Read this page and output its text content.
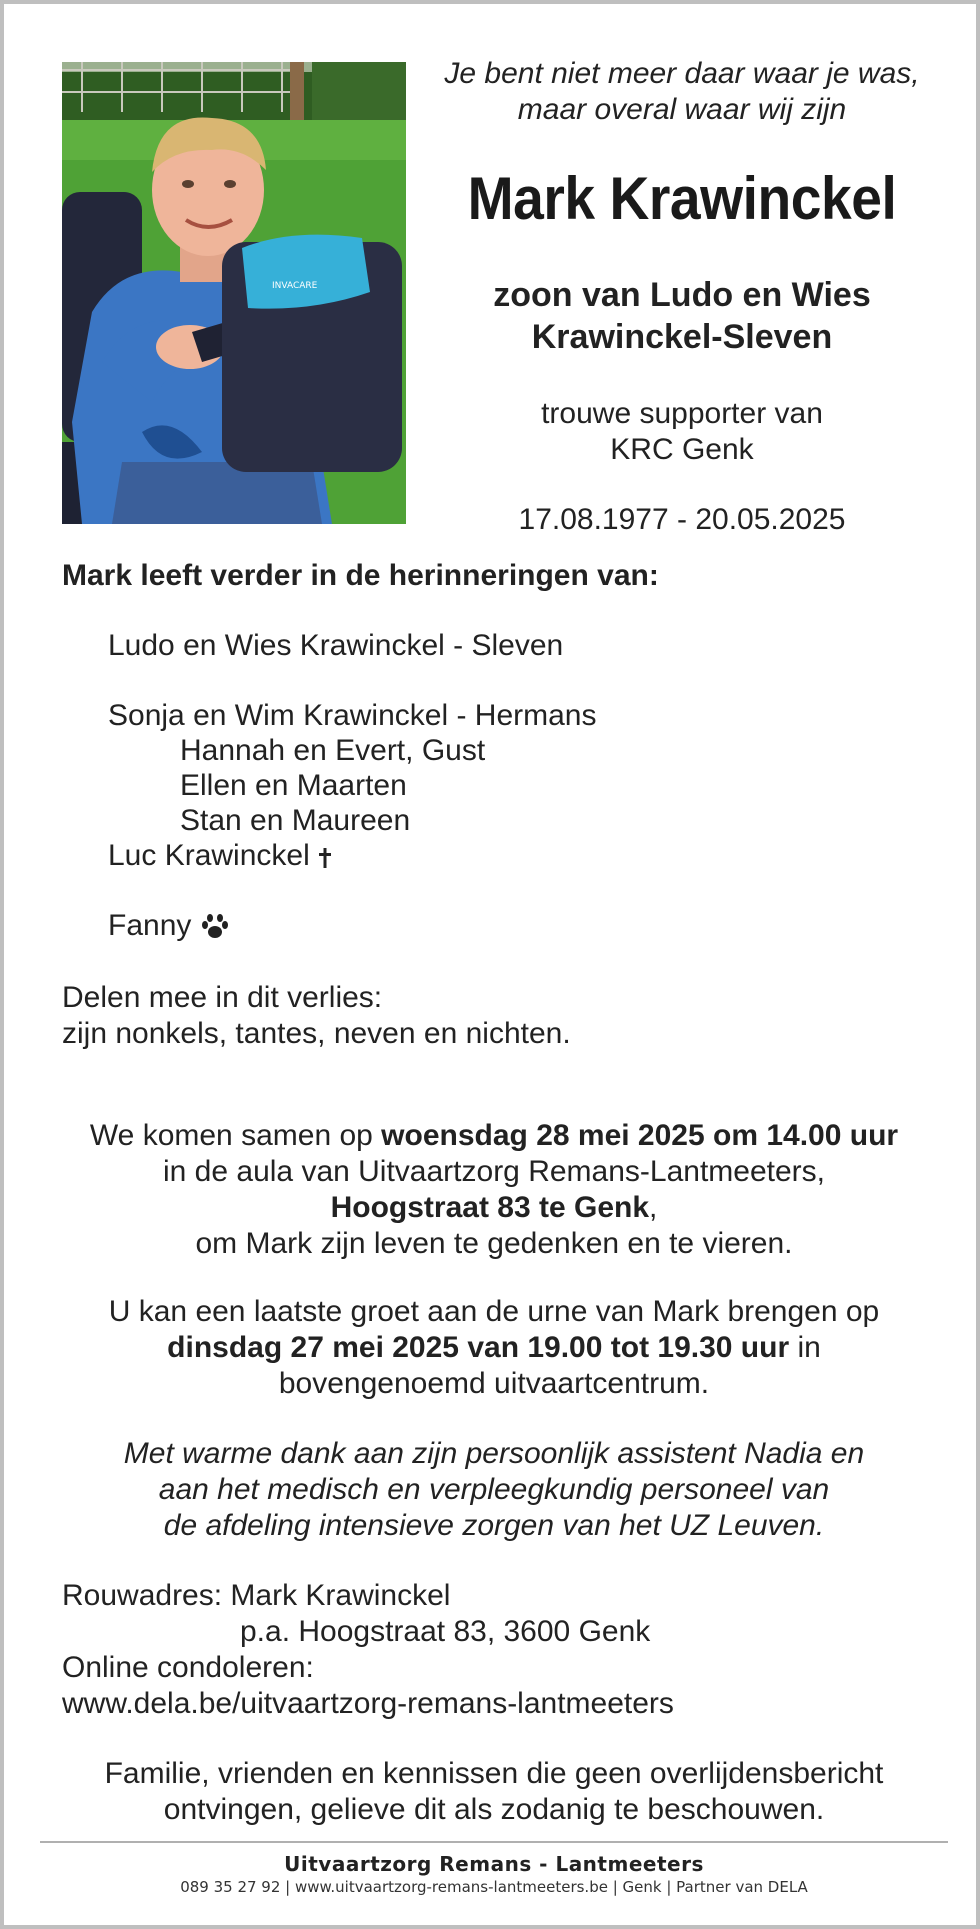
INVACARE
Je bent niet meer daar waar je was,
maar overal waar wij zijn
Mark Krawinckel
zoon van Ludo en Wies
Krawinckel-Sleven
trouwe supporter van
KRC Genk
17.08.1977 - 20.05.2025
Mark leeft verder in de herinneringen van:
Ludo en Wies Krawinckel - Sleven
Sonja en Wim Krawinckel - Hermans
Hannah en Evert, Gust
Ellen en Maarten
Stan en Maureen
Luc Krawinckel
Fanny
Delen mee in dit verlies:
zijn nonkels, tantes, neven en nichten.
We komen samen op woensdag 28 mei 2025 om 14.00 uur
in de aula van Uitvaartzorg Remans-Lantmeeters,
Hoogstraat 83 te Genk,
om Mark zijn leven te gedenken en te vieren.
U kan een laatste groet aan de urne van Mark brengen op
dinsdag 27 mei 2025 van 19.00 tot 19.30 uur in
bovengenoemd uitvaartcentrum.
Met warme dank aan zijn persoonlijk assistent Nadia en
aan het medisch en verpleegkundig personeel van
de afdeling intensieve zorgen van het UZ Leuven.
Rouwadres: Mark Krawinckel
p.a. Hoogstraat 83, 3600 Genk
Online condoleren:
www.dela.be/uitvaartzorg-remans-lantmeeters
Familie, vrienden en kennissen die geen overlijdensbericht
ontvingen, gelieve dit als zodanig te beschouwen.
Uitvaartzorg Remans - Lantmeeters
089 35 27 92 | www.uitvaartzorg-remans-lantmeeters.be | Genk | Partner van DELA
